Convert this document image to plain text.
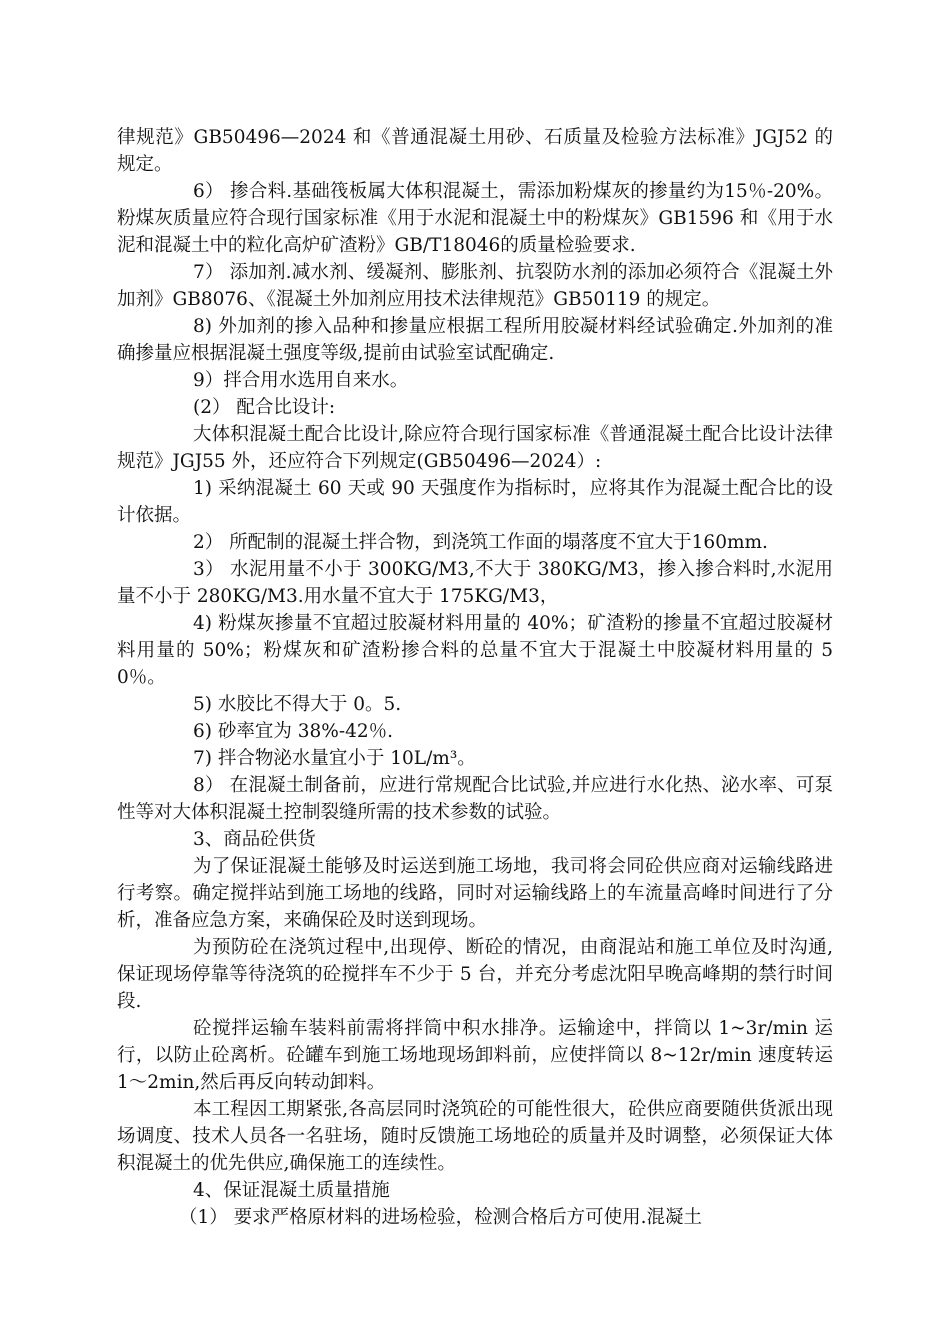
律规范》GB50496—2024 和《普通混凝土用砂、石质量及检验方法标准》JGJ52 的规定。

6） 掺合料.基础筏板属大体积混凝土，需添加粉煤灰的掺量约为15％-20%。粉煤灰质量应符合现行国家标准《用于水泥和混凝土中的粉煤灰》GB1596 和《用于水泥和混凝土中的粒化高炉矿渣粉》GB/T18046的质量检验要求.

7） 添加剂.减水剂、缓凝剂、膨胀剂、抗裂防水剂的添加必须符合《混凝土外加剂》GB8076、《混凝土外加剂应用技术法律规范》GB50119 的规定。

8) 外加剂的掺入品种和掺量应根据工程所用胶凝材料经试验确定.外加剂的准确掺量应根据混凝土强度等级,提前由试验室试配确定.

9）拌合用水选用自来水。

(2） 配合比设计:

大体积混凝土配合比设计,除应符合现行国家标准《普通混凝土配合比设计法律规范》JGJ55 外，还应符合下列规定(GB50496—2024）:

1) 采纳混凝土 60 天或 90 天强度作为指标时，应将其作为混凝土配合比的设计依据。

2） 所配制的混凝土拌合物，到浇筑工作面的塌落度不宜大于160mm.

3） 水泥用量不小于 300KG/M3,不大于 380KG/M3，掺入掺合料时,水泥用量不小于 280KG/M3.用水量不宜大于 175KG/M3，

4) 粉煤灰掺量不宜超过胶凝材料用量的 40%；矿渣粉的掺量不宜超过胶凝材料用量的 50%；粉煤灰和矿渣粉掺合料的总量不宜大于混凝土中胶凝材料用量的 50％。

5) 水胶比不得大于 0。5.

6) 砂率宜为 38%-42％.

7) 拌合物泌水量宜小于 10L/m³。

8） 在混凝土制备前，应进行常规配合比试验,并应进行水化热、泌水率、可泵性等对大体积混凝土控制裂缝所需的技术参数的试验。

3、商品砼供货

为了保证混凝土能够及时运送到施工场地，我司将会同砼供应商对运输线路进行考察。确定搅拌站到施工场地的线路，同时对运输线路上的车流量高峰时间进行了分析，准备应急方案，来确保砼及时送到现场。

为预防砼在浇筑过程中,出现停、断砼的情况，由商混站和施工单位及时沟通,保证现场停靠等待浇筑的砼搅拌车不少于 5 台，并充分考虑沈阳早晚高峰期的禁行时间段.

砼搅拌运输车装料前需将拌筒中积水排净。运输途中，拌筒以 1~3r/min 运行，以防止砼离析。砼罐车到施工场地现场卸料前，应使拌筒以 8~12r/min 速度转运 1～2min,然后再反向转动卸料。

本工程因工期紧张,各高层同时浇筑砼的可能性很大，砼供应商要随供货派出现场调度、技术人员各一名驻场，随时反馈施工场地砼的质量并及时调整，必须保证大体积混凝土的优先供应,确保施工的连续性。

4、保证混凝土质量措施

（1） 要求严格原材料的进场检验，检测合格后方可使用.混凝土
